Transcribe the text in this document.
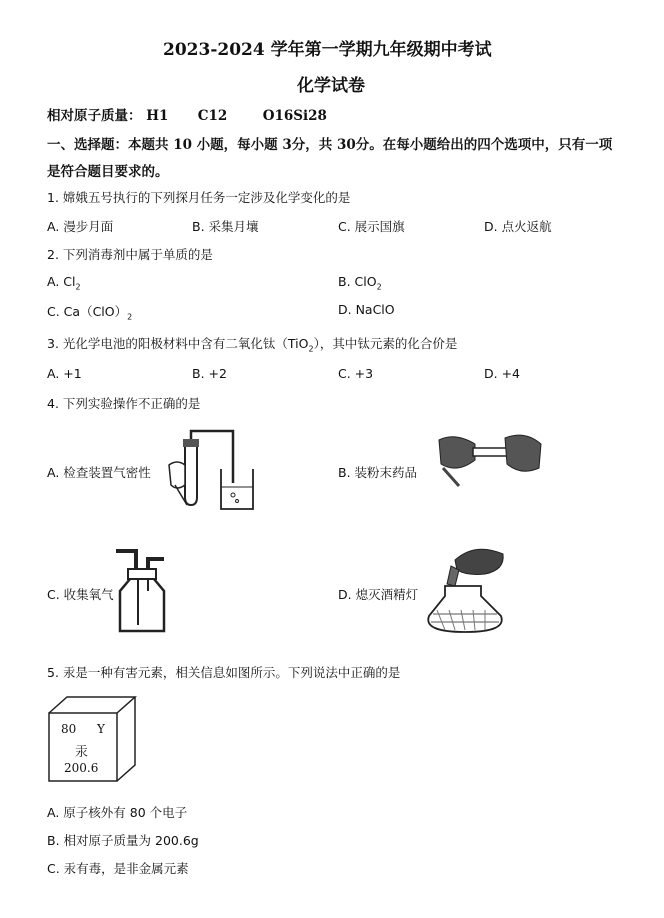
2023-2024 学年第一学期九年级期中考试
化学试卷
相对原子质量： H1 C12	O16Si28
一、选择题：本题共 10 小题，每小题 3分，共 30分。在每小题给出的四个选项中，只有一项
是符合题目要求的。
1. 嫦娥五号执行的下列探月任务一定涉及化学变化的是
A. 漫步月面	B. 采集月壤	C. 展示国旗	D. 点火返航
2. 下列消毒剂中属于单质的是
A. $Cl_2$	B. ClO$_2$
C. $Ca(ClO)_2$	D. NaClO
3. 光化学电池的阳极材料中含有二氧化钛（TiO$_2$），其中钛元素的化合价是
A. +1	B. +2	C. +3	D. +4
4. 下列实验操作不正确的是
A. 检查装置气密性	B. 装粉末药品
C. 收集氧气	D. 熄灭酒精灯
5. 汞是一种有害元素，相关信息如图所示。下列说法中正确的是
80 Y
汞
200.6
A. 原子核外有 80 个电子
B. 相对原子质量为 200.6g
C. 汞有毒，是非金属元素
